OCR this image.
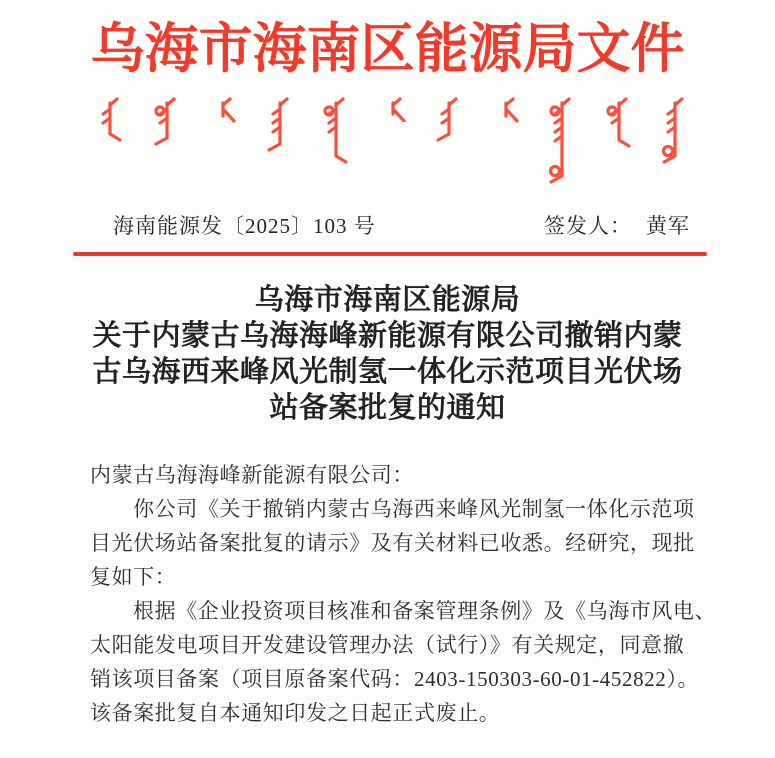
乌海市海南区能源局文件
海南能源发〔2025〕103 号	签发人： 黄军
乌海市海南区能源局
关于内蒙古乌海海峰新能源有限公司撤销内蒙
古乌海西来峰风光制氢一体化示范项目光伏场
站备案批复的通知
内蒙古乌海海峰新能源有限公司：
你公司《关于撤销内蒙古乌海西来峰风光制氢一体化示范项
目光伏场站备案批复的请示》及有关材料已收悉。经研究，现批
复如下：
根据《企业投资项目核准和备案管理条例》及《乌海市风电、
太阳能发电项目开发建设管理办法（试行）》有关规定，同意撤
销该项目备案（项目原备案代码：2403-150303-60-01-452822）。
该备案批复自本通知印发之日起正式废止。
